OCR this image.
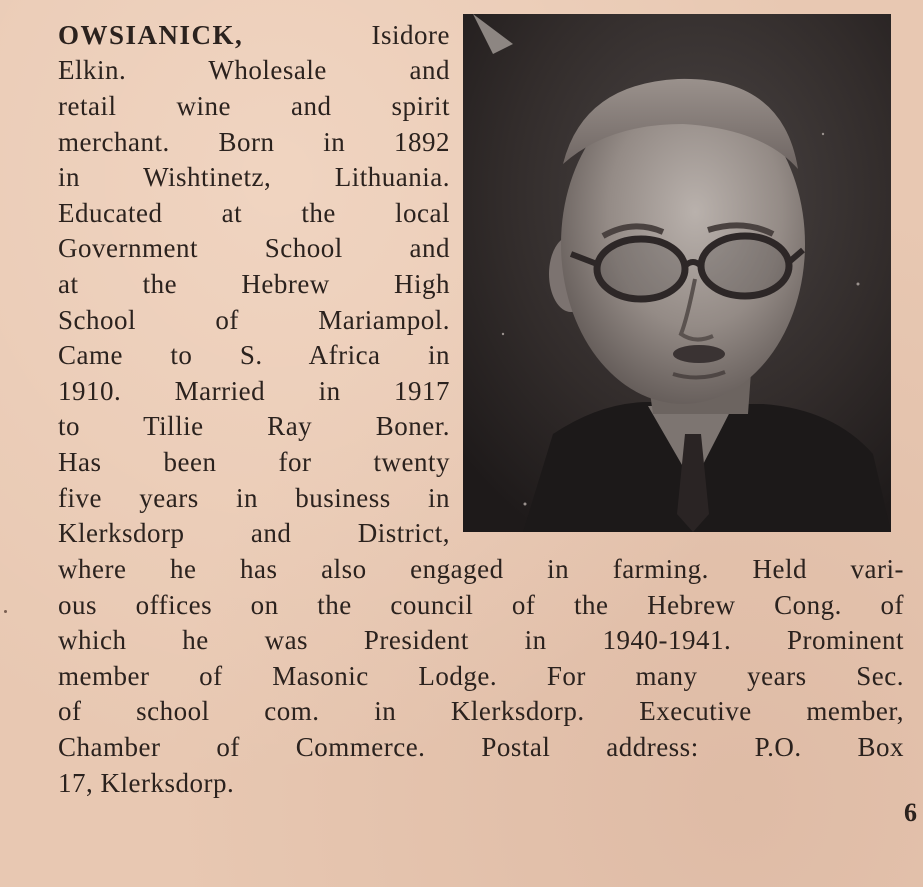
OWSIANICK,	Isidore
Elkin. Wholesale and
retail wine and spirit
merchant. Born in 1892
in Wishtinetz, Lithuania.
Educated at the local
Government School and
at the Hebrew High
School of Mariampol.
Came to S. Africa in
1910. Married in 1917
to Tillie Ray Boner.
Has been for twenty
five years in business in
Klerksdorp and District,
where he has also engaged in farming. Held vari-
ous offices on the council of the Hebrew Cong. of
which he was President in 1940-1941. Prominent
member of Masonic Lodge. For many years Sec.
of school com. in Klerksdorp. Executive member,
Chamber of Commerce. Postal address: P.O. Box
17, Klerksdorp.
6
